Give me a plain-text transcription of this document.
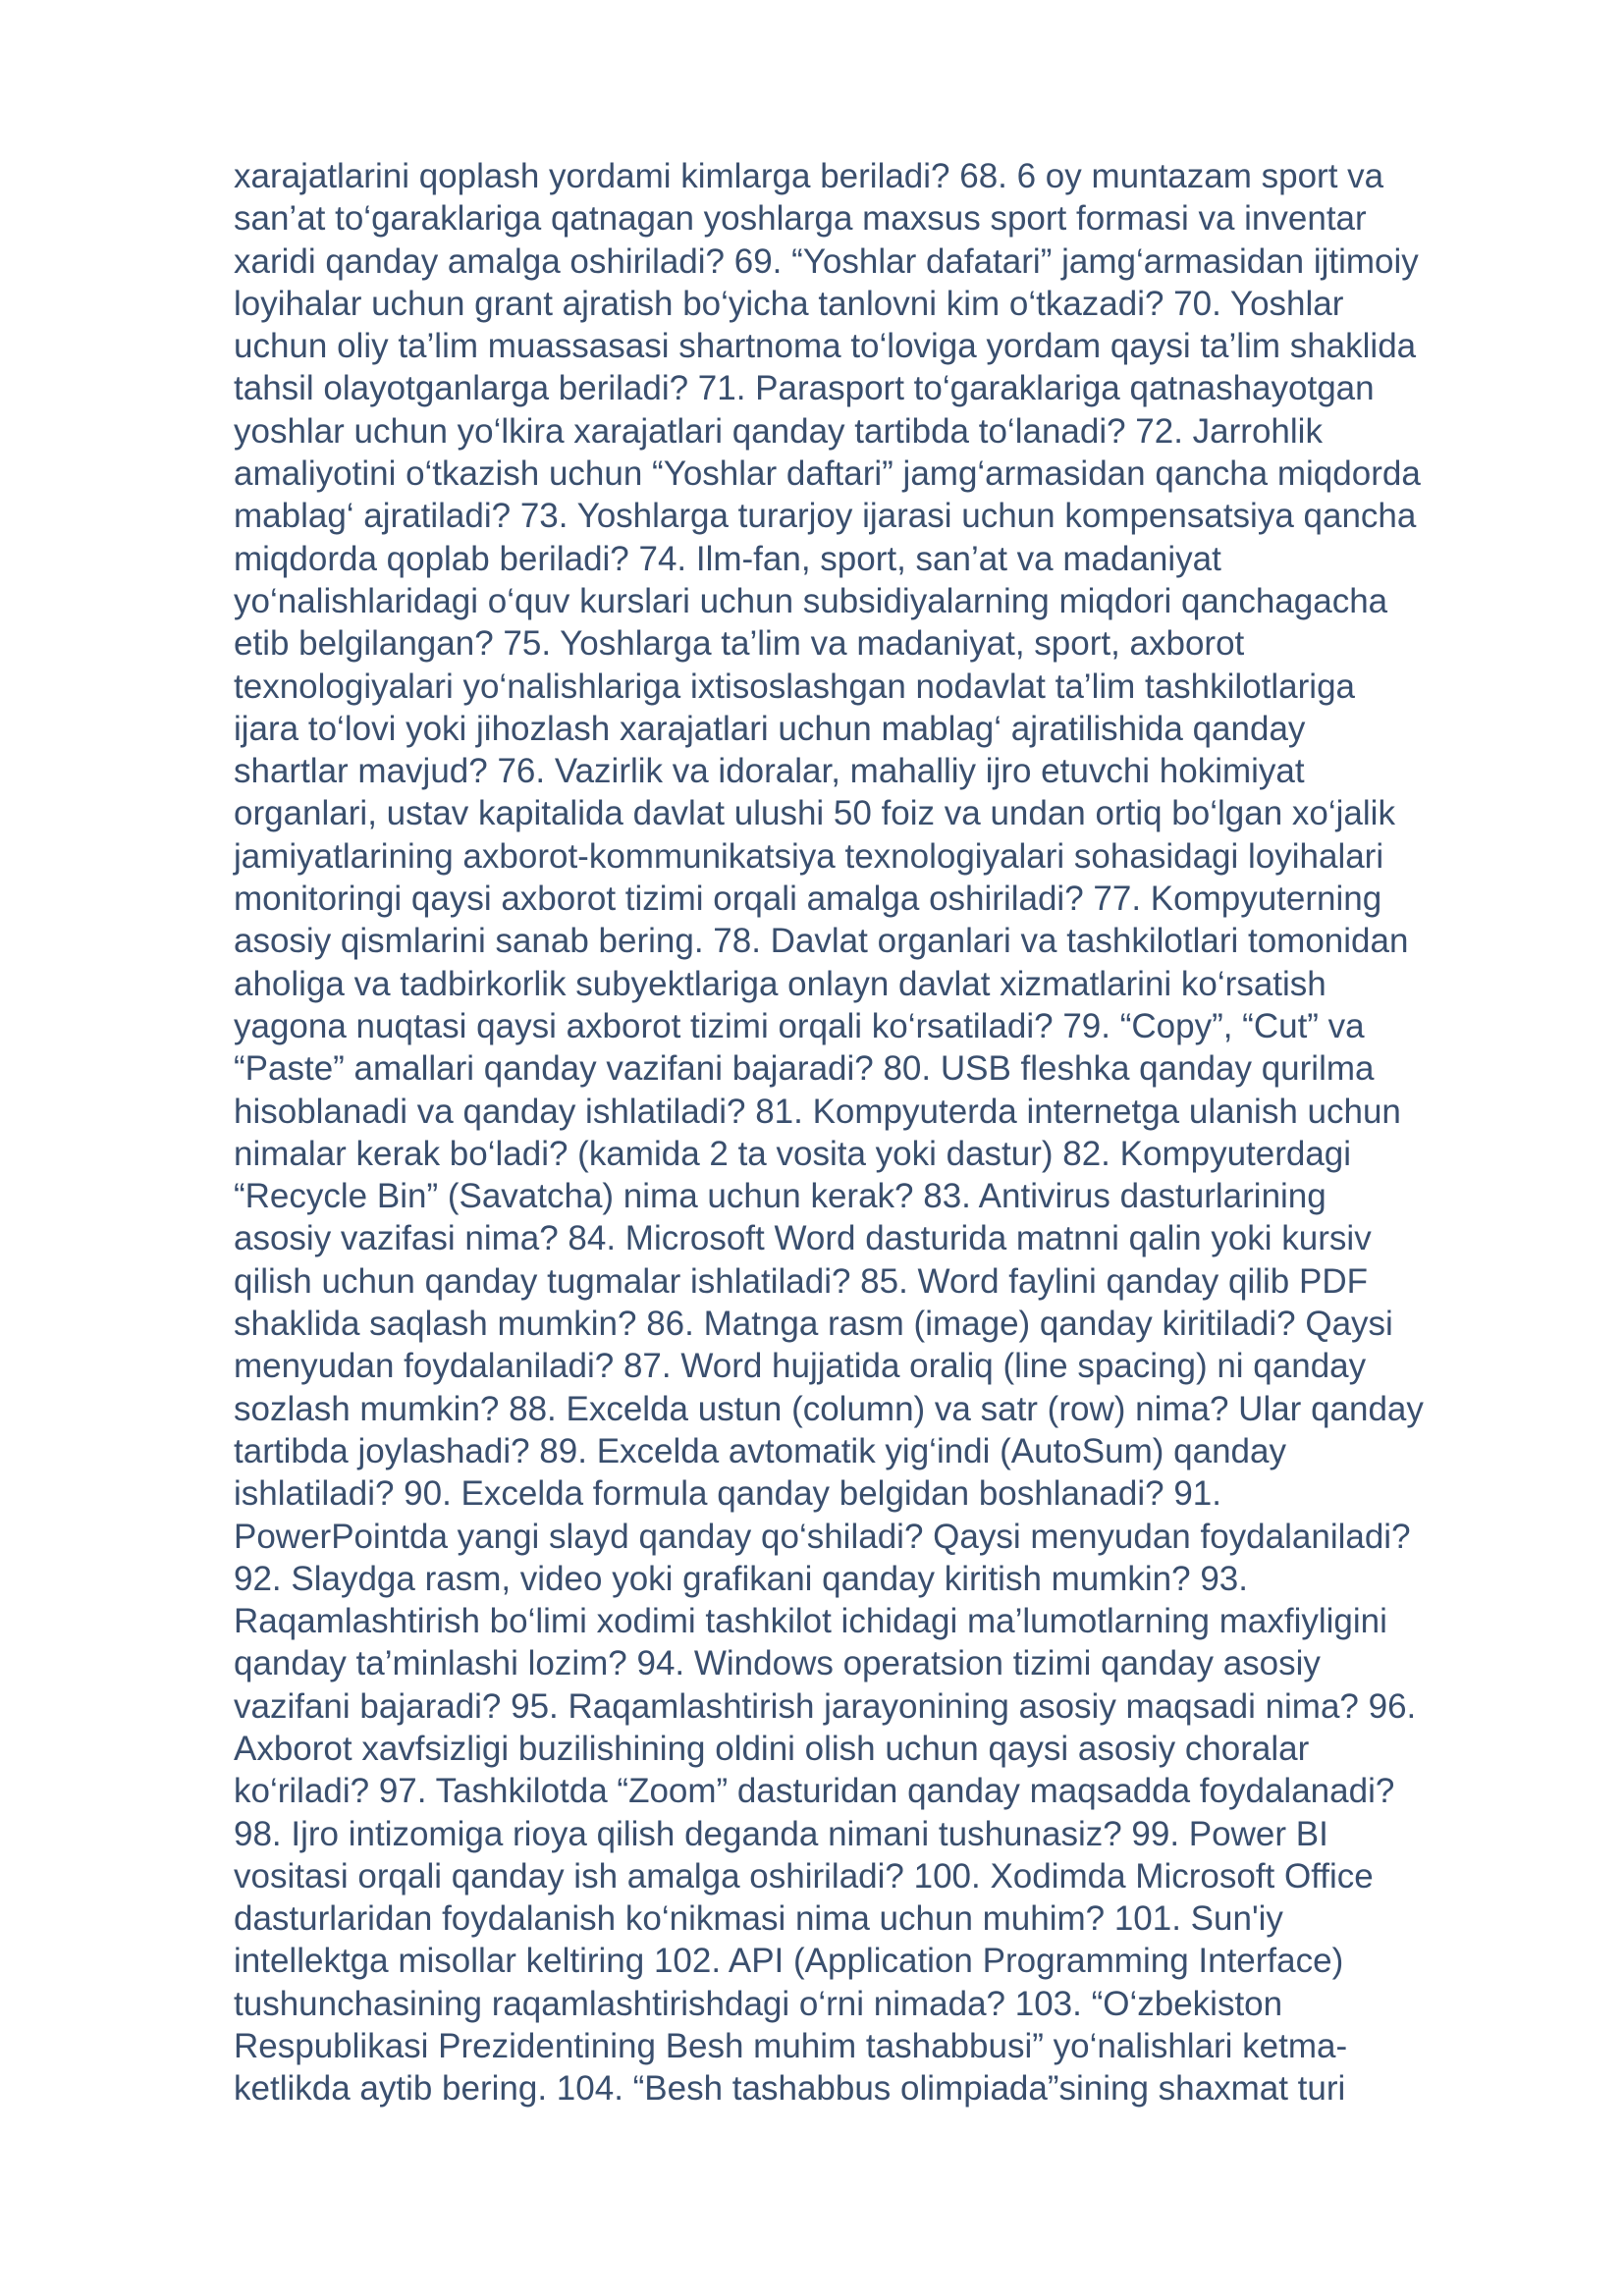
xarajatlarini qoplash yordami kimlarga beriladi? 68. 6 oy muntazam sport va
san’at to‘garaklariga qatnagan yoshlarga maxsus sport formasi va inventar
xaridi qanday amalga oshiriladi? 69. “Yoshlar dafatari” jamg‘armasidan ijtimoiy
loyihalar uchun grant ajratish bo‘yicha tanlovni kim o‘tkazadi? 70. Yoshlar
uchun oliy ta’lim muassasasi shartnoma to‘loviga yordam qaysi ta’lim shaklida
tahsil olayotganlarga beriladi? 71. Parasport to‘garaklariga qatnashayotgan
yoshlar uchun yo‘lkira xarajatlari qanday tartibda to‘lanadi? 72. Jarrohlik
amaliyotini o‘tkazish uchun “Yoshlar daftari” jamg‘armasidan qancha miqdorda
mablag‘ ajratiladi? 73. Yoshlarga turarjoy ijarasi uchun kompensatsiya qancha
miqdorda qoplab beriladi? 74. Ilm-fan, sport, san’at va madaniyat
yo‘nalishlaridagi o‘quv kurslari uchun subsidiyalarning miqdori qanchagacha
etib belgilangan? 75. Yoshlarga ta’lim va madaniyat, sport, axborot
texnologiyalari yo‘nalishlariga ixtisoslashgan nodavlat ta’lim tashkilotlariga
ijara to‘lovi yoki jihozlash xarajatlari uchun mablag‘ ajratilishida qanday
shartlar mavjud? 76. Vazirlik va idoralar, mahalliy ijro etuvchi hokimiyat
organlari, ustav kapitalida davlat ulushi 50 foiz va undan ortiq bo‘lgan xo‘jalik
jamiyatlarining axborot-kommunikatsiya texnologiyalari sohasidagi loyihalari
monitoringi qaysi axborot tizimi orqali amalga oshiriladi? 77. Kompyuterning
asosiy qismlarini sanab bering. 78. Davlat organlari va tashkilotlari tomonidan
aholiga va tadbirkorlik subyektlariga onlayn davlat xizmatlarini ko‘rsatish
yagona nuqtasi qaysi axborot tizimi orqali ko‘rsatiladi? 79. “Copy”, “Cut” va
“Paste” amallari qanday vazifani bajaradi? 80. USB fleshka qanday qurilma
hisoblanadi va qanday ishlatiladi? 81. Kompyuterda internetga ulanish uchun
nimalar kerak bo‘ladi? (kamida 2 ta vosita yoki dastur) 82. Kompyuterdagi
“Recycle Bin” (Savatcha) nima uchun kerak? 83. Antivirus dasturlarining
asosiy vazifasi nima? 84. Microsoft Word dasturida matnni qalin yoki kursiv
qilish uchun qanday tugmalar ishlatiladi? 85. Word faylini qanday qilib PDF
shaklida saqlash mumkin? 86. Matnga rasm (image) qanday kiritiladi? Qaysi
menyudan foydalaniladi? 87. Word hujjatida oraliq (line spacing) ni qanday
sozlash mumkin? 88. Excelda ustun (column) va satr (row) nima? Ular qanday
tartibda joylashadi? 89. Excelda avtomatik yig‘indi (AutoSum) qanday
ishlatiladi? 90. Excelda formula qanday belgidan boshlanadi? 91.
PowerPointda yangi slayd qanday qo‘shiladi? Qaysi menyudan foydalaniladi?
92. Slaydga rasm, video yoki grafikani qanday kiritish mumkin? 93.
Raqamlashtirish bo‘limi xodimi tashkilot ichidagi ma’lumotlarning maxfiyligini
qanday ta’minlashi lozim? 94. Windows operatsion tizimi qanday asosiy
vazifani bajaradi? 95. Raqamlashtirish jarayonining asosiy maqsadi nima? 96.
Axborot xavfsizligi buzilishining oldini olish uchun qaysi asosiy choralar
ko‘riladi? 97. Tashkilotda “Zoom” dasturidan qanday maqsadda foydalanadi?
98. Ijro intizomiga rioya qilish deganda nimani tushunasiz? 99. Power BI
vositasi orqali qanday ish amalga oshiriladi? 100. Xodimda Microsoft Office
dasturlaridan foydalanish ko‘nikmasi nima uchun muhim? 101. Sun'iy
intellektga misollar keltiring 102. API (Application Programming Interface)
tushunchasining raqamlashtirishdagi o‘rni nimada? 103. “O‘zbekiston
Respublikasi Prezidentining Besh muhim tashabbusi” yo‘nalishlari ketma-
ketlikda aytib bering. 104. “Besh tashabbus olimpiada”sining shaxmat turi
